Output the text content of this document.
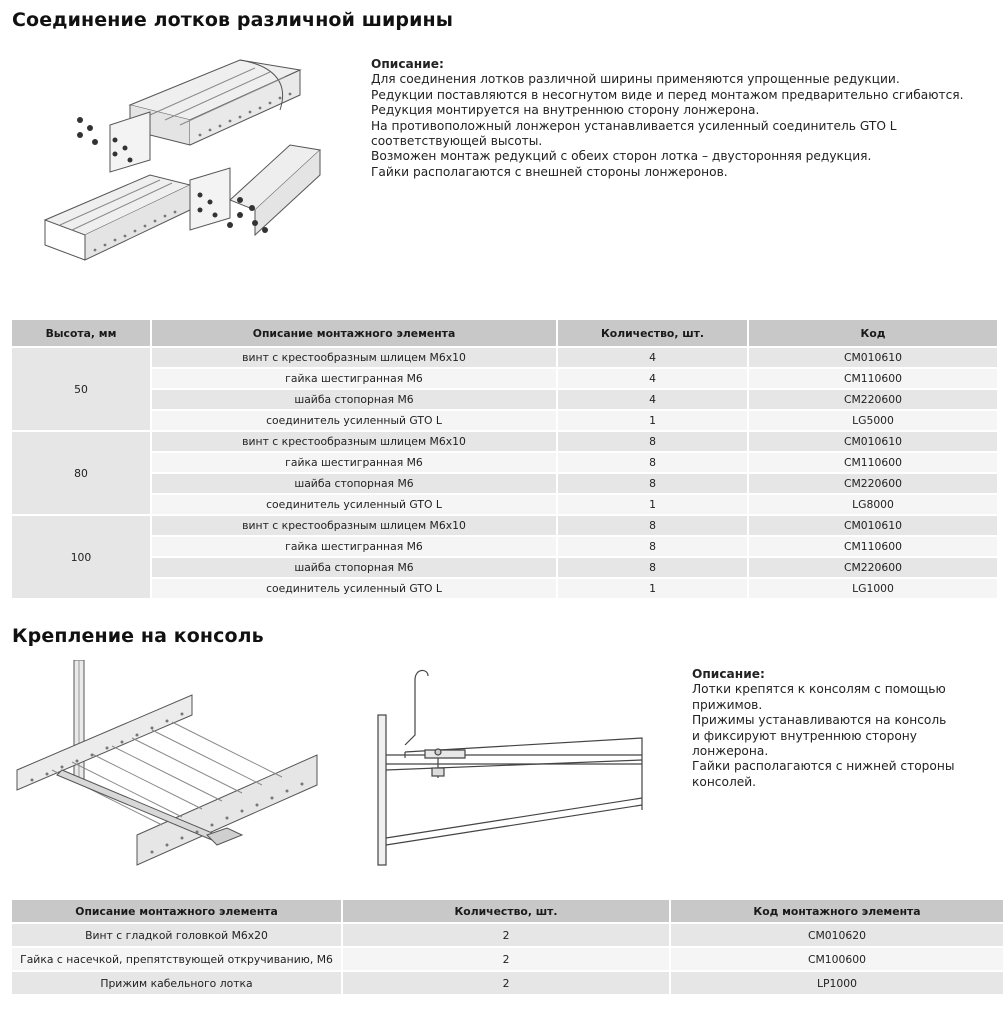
Соединение лотков различной ширины
Описание:
Для соединения лотков различной ширины применяются упрощенные редукции.
Редукции поставляются в несогнутом виде и перед монтажом предварительно сгибаются.
Редукция монтируется на внутреннюю сторону лонжерона.
На противоположный лонжерон устанавливается усиленный соединитель GTO L
соответствующей высоты.
Возможен монтаж редукций с обеих сторон лотка – двусторонняя редукция.
Гайки располагаются с внешней стороны лонжеронов.
Высота, мм	Описание монтажного элемента	Количество, шт.	Код
50	винт с крестообразным шлицем М6х10	4	CM010610
	гайка шестигранная М6	4	CM110600
	шайба стопорная М6	4	CM220600
	соединитель усиленный GTO L	1	LG5000
80	винт с крестообразным шлицем М6х10	8	CM010610
	гайка шестигранная М6	8	CM110600
	шайба стопорная М6	8	CM220600
	соединитель усиленный GTO L	1	LG8000
100	винт с крестообразным шлицем М6х10	8	CM010610
	гайка шестигранная М6	8	CM110600
	шайба стопорная М6	8	CM220600
	соединитель усиленный GTO L	1	LG1000
Крепление на консоль
Описание:
Лотки крепятся к консолям с помощью
прижимов.
Прижимы устанавливаются на консоль
и фиксируют внутреннюю сторону
лонжерона.
Гайки располагаются с нижней стороны
консолей.
Описание монтажного элемента	Количество, шт.	Код монтажного элемента
Винт с гладкой головкой М6х20	2	CM010620
Гайка с насечкой, препятствующей откручиванию, М6	2	CM100600
Прижим кабельного лотка	2	LP1000
